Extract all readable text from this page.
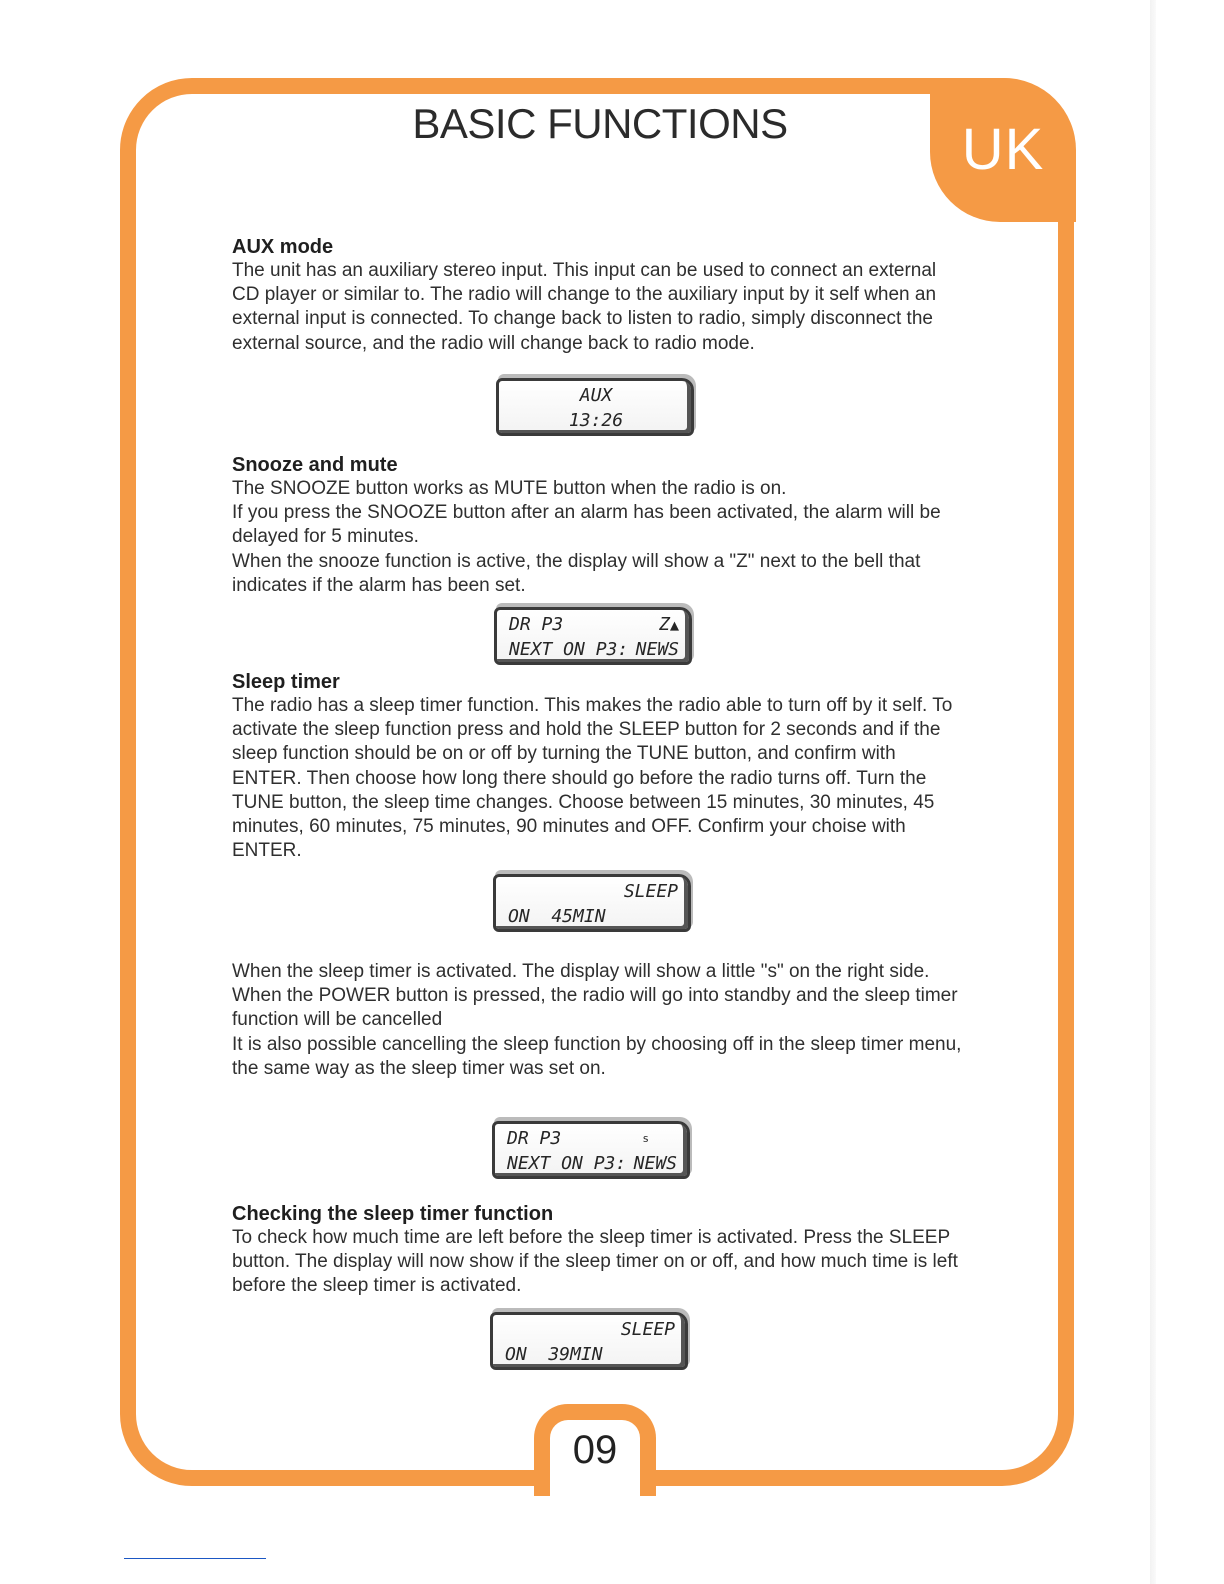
UK
BASIC FUNCTIONS
AUX mode

The unit has an auxiliary stereo input. This input can be used to connect an external CD player or similar to. The radio will change to the auxiliary input by it self when an external input is connected. To change back to listen to radio, simply disconnect the external source, and the radio will change back to radio mode.

AUX
13:26
Snooze and mute

The SNOOZE button works as MUTE button when the radio is on.

If you press the SNOOZE button after an alarm has been activated, the alarm will be delayed for 5 minutes.

When the snooze function is active, the display will show a "Z" next to the bell that indicates if the alarm has been set.

DR P3	Z▲
NEXT ON P3: NEWS
Sleep timer

The radio has a sleep timer function. This makes the radio able to turn off by it self. To activate the sleep function press and hold the SLEEP button for 2 seconds and if the sleep function should be on or off by turning the TUNE button, and confirm with ENTER. Then choose how long there should go before the radio turns off. Turn the TUNE button, the sleep time changes. Choose between 15 minutes, 30 minutes, 45 minutes, 60 minutes, 75 minutes, 90 minutes and OFF. Confirm your choise with ENTER.

SLEEP
ON  45MIN

When the sleep timer is activated. The display will show a little "s" on the right side.

When the POWER button is pressed, the radio will go into standby and the sleep timer function will be cancelled

It is also possible cancelling the sleep function by choosing off in the sleep timer menu, the same way as the sleep timer was set on.

DR P3	s
NEXT ON P3: NEWS
Checking the sleep timer function

To check how much time are left before the sleep timer is activated. Press the SLEEP button. The display will now show if the sleep timer on or off, and how much time is left before the sleep timer is activated.

SLEEP
ON  39MIN
09
